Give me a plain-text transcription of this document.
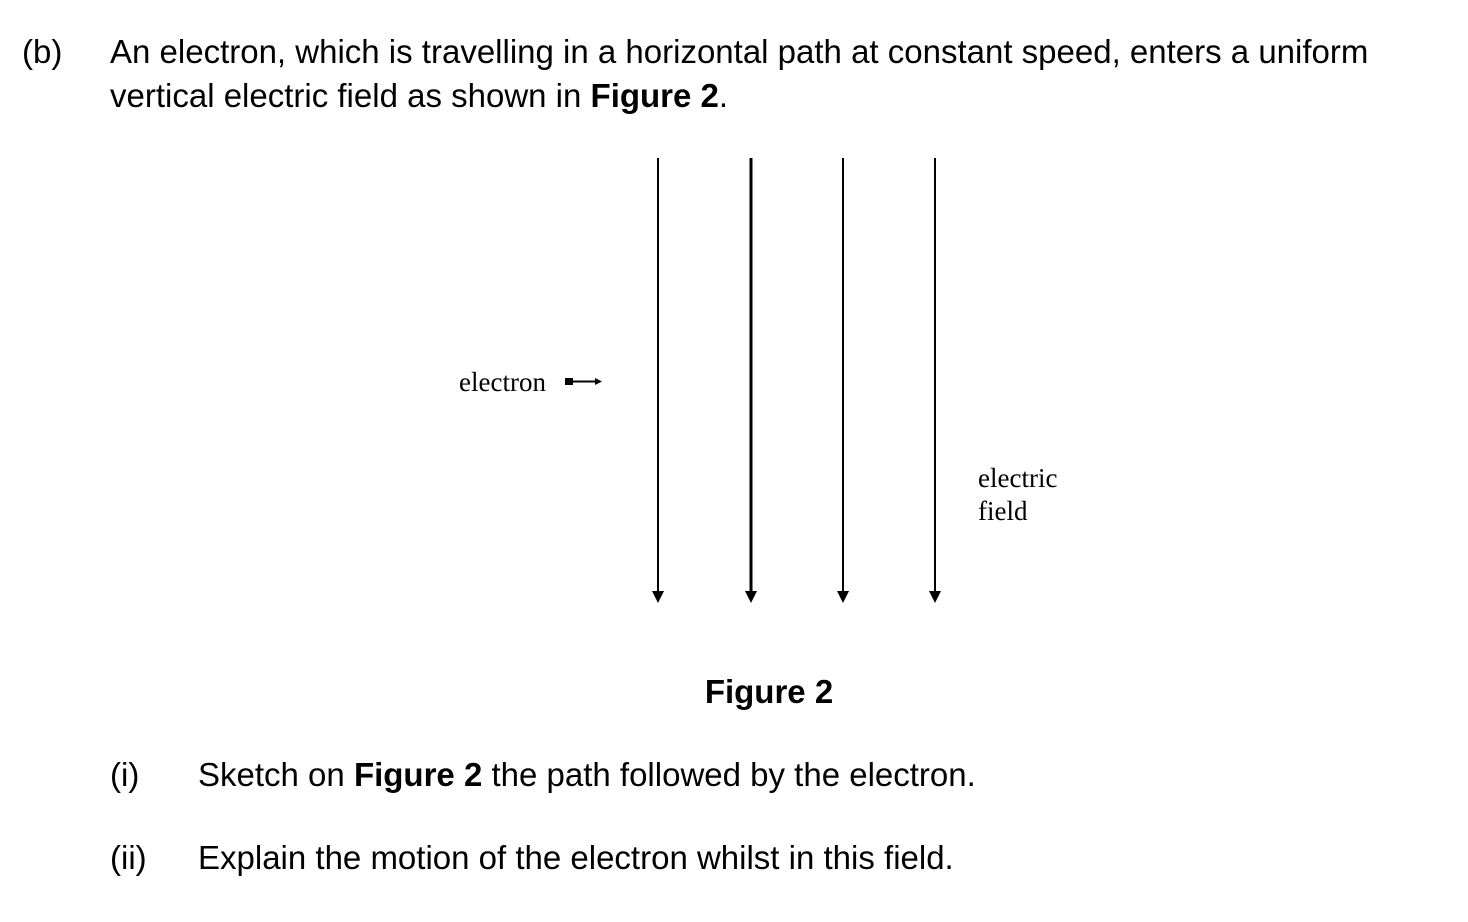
(b) An electron, which is travelling in a horizontal path at constant speed, enters a uniform vertical electric field as shown in Figure 2.
electron
electric
field
Figure 2
(i) Sketch on Figure 2 the path followed by the electron.
(ii) Explain the motion of the electron whilst in this field.
